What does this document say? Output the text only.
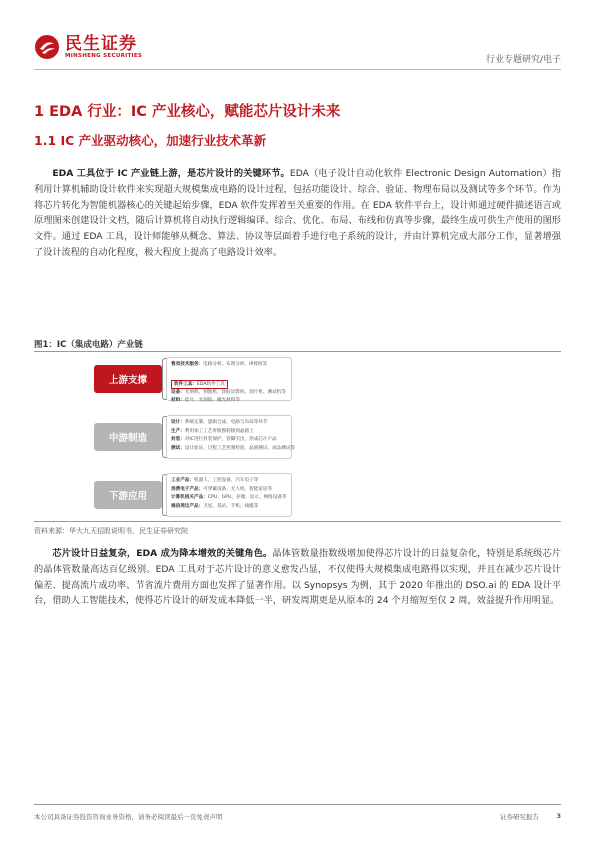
民生证券
MINSHENG SECURITIES	行业专题研究/电子
1 EDA 行业：IC 产业核心，赋能芯片设计未来
1.1 IC 产业驱动核心，加速行业技术革新
EDA 工具位于 IC 产业链上游，是芯片设计的关键环节。EDA（电子设计自动化软件 Electronic Design Automation）指利用计算机辅助设计软件来实现超大规模集成电路的设计过程，包括功能设计、综合、验证、物理布局以及测试等多个环节。作为将芯片转化为智能机器核心的关键起始步骤，EDA 软件发挥着至关重要的作用。在 EDA 软件平台上，设计师通过硬件描述语言或原理图来创建设计文档，随后计算机将自动执行逻辑编译、综合、优化、布局、布线和仿真等步骤，最终生成可供生产使用的图形文件。通过 EDA 工具，设计师能够从概念、算法、协议等层面着手进行电子系统的设计，并由计算机完成大部分工作，显著增强了设计流程的自动化程度，极大程度上提高了电路设计效率。
图1：IC（集成电路）产业链
上游支撑
售卖技术服务：电路分析、布图分析、IP授权等
软件工具：EDA软件工具
设备：光刻机、刻蚀机、涂胶显影机、划片机、测试机等
材料：硅片、光刻胶、掩光材料等
中游制造
设计：系统定制、逻辑合成、电路与布局等环节
生产：利用加工工艺将版图转移到晶圆上
封装：对IC进行封装保护，管脚引出，形成芯片产品
测试：设计验证、过程工艺控制检验，晶圆测试，成品测试等
下游应用
工业产品：机器人、工控设备、汽车电子等
消费电子产品：可穿戴设备、无人机、智能家居等
计算机相关产品：CPU、GPU、存储、显示、网络设备等
通信周边产品：卫星、基站、手机、线缆等
资料来源：华大九天招股说明书，民生证券研究院
芯片设计日益复杂，EDA 成为降本增效的关键角色。晶体管数量指数级增加使得芯片设计的日益复杂化，特别是系统级芯片的晶体管数量高达百亿级别。EDA 工具对于芯片设计的意义愈发凸显，不仅使得大规模集成电路得以实现，并且在减少芯片设计偏差、提高流片成功率、节省流片费用方面也发挥了显著作用。以 Synopsys 为例，其于 2020 年推出的 DSO.ai 的 EDA 设计平台，借助人工智能技术，使得芯片设计的研发成本降低一半，研发周期更是从原本的 24 个月缩短至仅 2 周，效益提升作用明显。
本公司具备证券投资咨询业务资格，请务必阅读最后一页免责声明	证券研究报告	3
